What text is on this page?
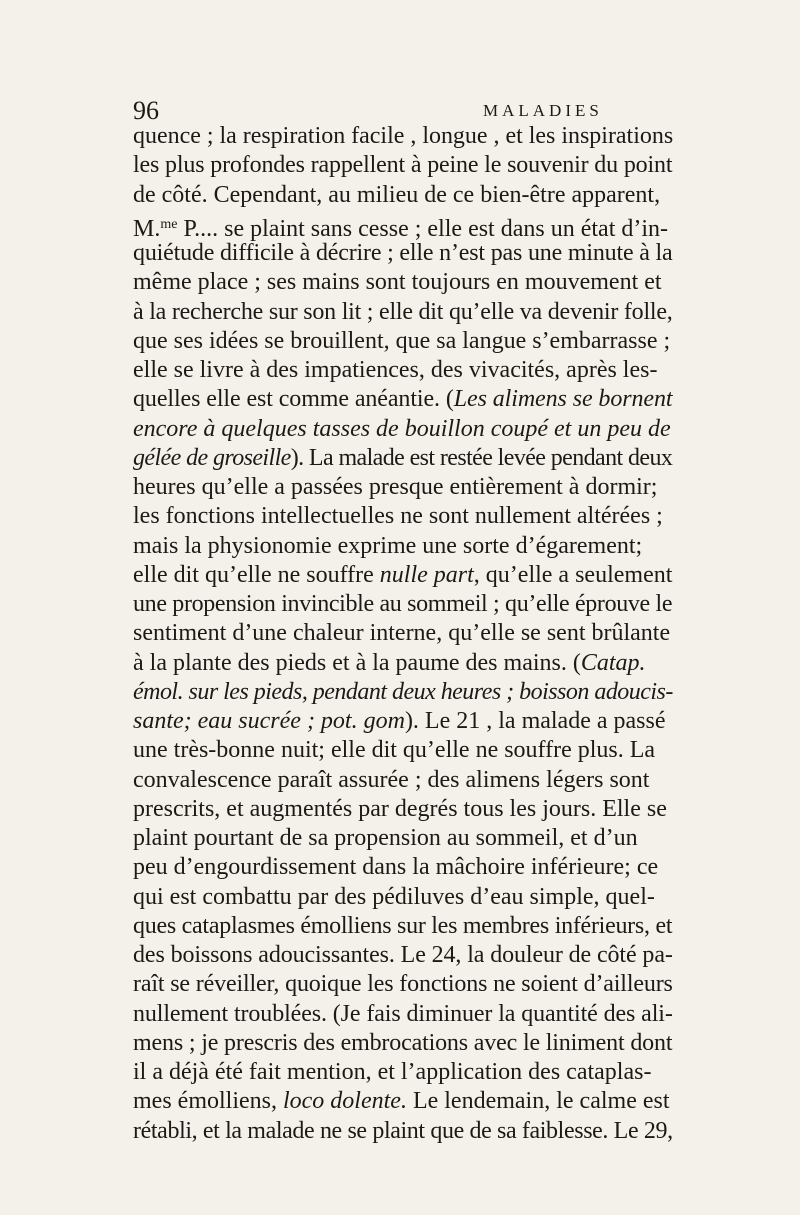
96	MALADIES
quence ; la respiration facile , longue , et les inspirations
les plus profondes rappellent à peine le souvenir du point
de côté. Cependant, au milieu de ce bien-être apparent,
M.$^{me}$ P.... se plaint sans cesse ; elle est dans un état d’in-
quiétude difficile à décrire ; elle n’est pas une minute à la
même place ; ses mains sont toujours en mouvement et
à la recherche sur son lit ; elle dit qu’elle va devenir folle,
que ses idées se brouillent, que sa langue s’embarrasse ;
elle se livre à des impatiences, des vivacités, après les-
quelles elle est comme anéantie. (Les alimens se bornent
encore à quelques tasses de bouillon coupé et un peu de
gélée de groseille). La malade est restée levée pendant deux
heures qu’elle a passées presque entièrement à dormir;
les fonctions intellectuelles ne sont nullement altérées ;
mais la physionomie exprime une sorte d’égarement;
elle dit qu’elle ne souffre nulle part, qu’elle a seulement
une propension invincible au sommeil ; qu’elle éprouve le
sentiment d’une chaleur interne, qu’elle se sent brûlante
à la plante des pieds et à la paume des mains. (Catap.
émol. sur les pieds, pendant deux heures ; boisson adoucis-
sante; eau sucrée ; pot. gom). Le 21 , la malade a passé
une très-bonne nuit; elle dit qu’elle ne souffre plus. La
convalescence paraît assurée ; des alimens légers sont
prescrits, et augmentés par degrés tous les jours. Elle se
plaint pourtant de sa propension au sommeil, et d’un
peu d’engourdissement dans la mâchoire inférieure; ce
qui est combattu par des pédiluves d’eau simple, quel-
ques cataplasmes émolliens sur les membres inférieurs, et
des boissons adoucissantes. Le 24, la douleur de côté pa-
raît se réveiller, quoique les fonctions ne soient d’ailleurs
nullement troublées. (Je fais diminuer la quantité des ali-
mens ; je prescris des embrocations avec le liniment dont
il a déjà été fait mention, et l’application des cataplas-
mes émolliens, loco dolente. Le lendemain, le calme est
rétabli, et la malade ne se plaint que de sa faiblesse. Le 29,
